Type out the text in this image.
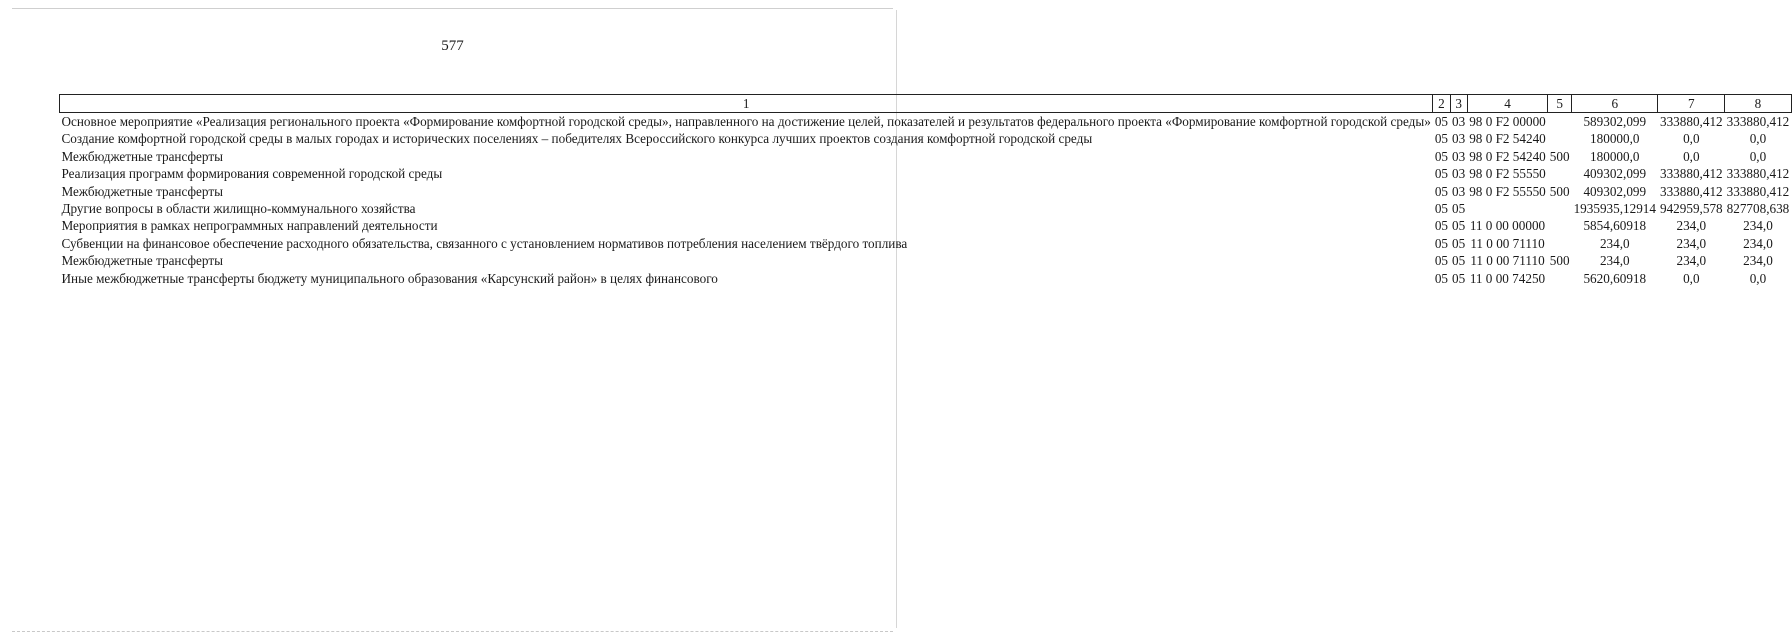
577
1	2	3	4	5	6	7	8
Основное мероприятие «Реализация регионального проекта «Формирование комфортной городской среды», направленного на достижение целей, показателей и результатов федерального проекта «Формирование комфортной городской среды»	05	03	98 0 F2 00000		589302,099	333880,412	333880,412
Создание комфортной городской среды в малых городах и исторических поселениях – победителях Всероссийского конкурса лучших проектов создания комфортной городской среды	05	03	98 0 F2 54240		180000,0	0,0	0,0
Межбюджетные трансферты	05	03	98 0 F2 54240	500	180000,0	0,0	0,0
Реализация программ формирования современной городской среды	05	03	98 0 F2 55550		409302,099	333880,412	333880,412
Межбюджетные трансферты	05	03	98 0 F2 55550	500	409302,099	333880,412	333880,412
Другие вопросы в области жилищно-коммунального хозяйства	05	05			1935935,12914	942959,578	827708,638
Мероприятия в рамках непрограммных направлений деятельности	05	05	11 0 00 00000		5854,60918	234,0	234,0
Субвенции на финансовое обеспечение расходного обязательства, связанного с установлением нормативов потребления населением твёрдого топлива	05	05	11 0 00 71110		234,0	234,0	234,0
Межбюджетные трансферты	05	05	11 0 00 71110	500	234,0	234,0	234,0
Иные межбюджетные трансферты бюджету муниципального образования «Карсунский район» в целях финансового	05	05	11 0 00 74250		5620,60918	0,0	0,0
